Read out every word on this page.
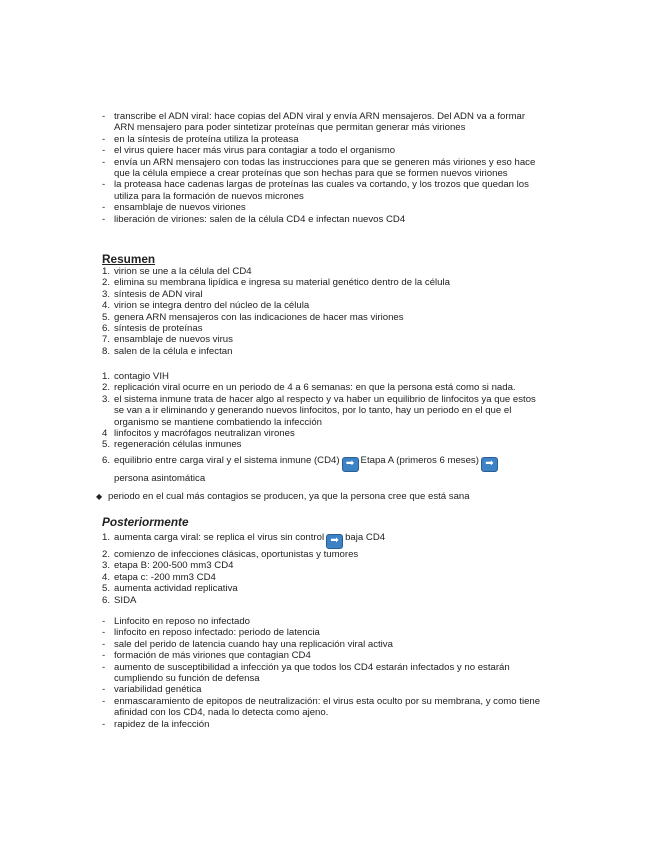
- transcribe el ADN viral: hace copias del ADN viral y envía ARN mensajeros. Del ADN va a formar ARN mensajero para poder sintetizar proteínas que permitan generar más viriones
- en la síntesis de proteína utiliza la proteasa
- el virus quiere hacer más virus para contagiar a todo el organismo
- envía un ARN mensajero con todas las instrucciones para que se generen más viriones y eso hace que la célula empiece a crear proteínas que son hechas para que se formen nuevos viriones
- la proteasa hace cadenas largas de proteínas las cuales va cortando, y los trozos que quedan los utiliza para la formación de nuevos micrones
- ensamblaje de nuevos viriones
- liberación de viriones: salen de la célula CD4 e infectan nuevos CD4
Resumen
1. virion se une a la célula del CD4
2. elimina su membrana lipídica e ingresa su material genético dentro de la célula
3. síntesis de ADN viral
4. virion se integra dentro del núcleo de la célula
5. genera ARN mensajeros con las indicaciones de hacer mas viriones
6. síntesis de proteínas
7. ensamblaje de nuevos virus
8. salen de la célula e infectan
1. contagio VIH
2. replicación viral ocurre en un periodo de 4 a 6 semanas: en que la persona está como si nada.
3. el sistema inmune trata de hacer algo al respecto y va haber un equilibrio de linfocitos ya que estos se van a ir eliminando y generando nuevos linfocitos, por lo tanto, hay un periodo en el que el organismo se mantiene combatiendo la infección
4 linfocitos y macrófagos neutralizan virones
5. regeneración células inmunes
6. equilibrio entre carga viral y el sistema inmune (CD4) ➡ Etapa A (primeros 6 meses) ➡
persona asintomática
◆ periodo en el cual más contagios se producen, ya que la persona cree que está sana
Posteriormente
1. aumenta carga viral: se replica el virus sin control ➡ baja CD4
2. comienzo de infecciones clásicas, oportunistas y tumores
3. etapa B: 200-500 mm3 CD4
4. etapa c: -200 mm3 CD4
5. aumenta actividad replicativa
6. SIDA
- Linfocito en reposo no infectado
- linfocito en reposo infectado: periodo de latencia
- sale del perido de latencia cuando hay una replicación viral activa
- formación de más viriones que contagian CD4
- aumento de susceptibilidad a infección ya que todos los CD4 estarán infectados y no estarán cumpliendo su función de defensa
- variabilidad genética
- enmascaramiento de epitopos de neutralización: el virus esta oculto por su membrana, y como tiene afinidad con los CD4, nada lo detecta como ajeno.
- rapidez de la infección
